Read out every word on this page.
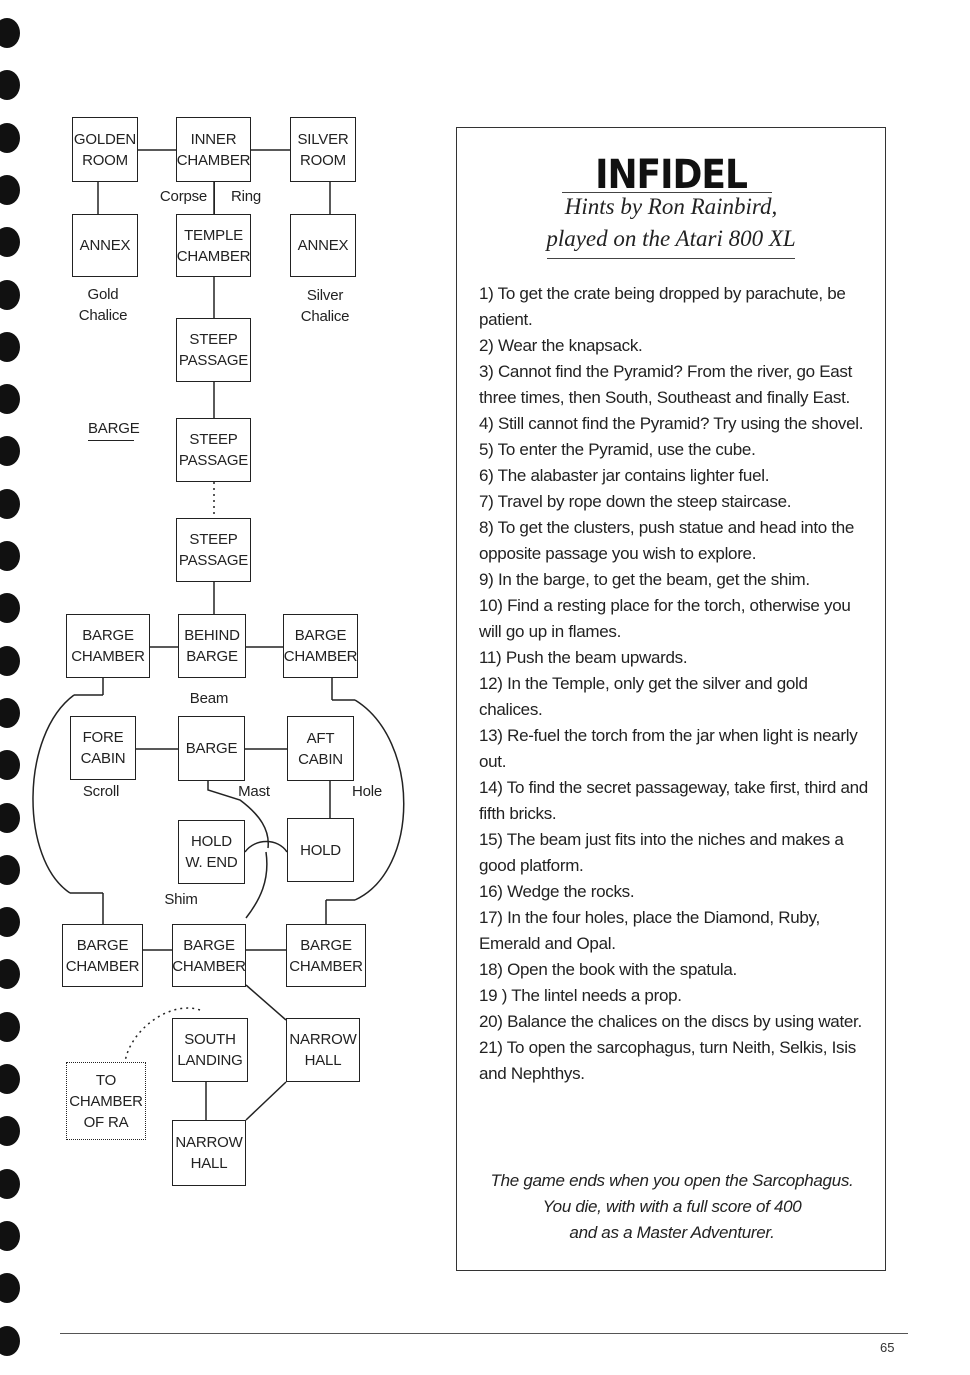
GOLDEN
ROOM
INNER
CHAMBER
SILVER
ROOM
Corpse	Ring
ANNEX
TEMPLE
CHAMBER
ANNEX
Gold
Chalice
Silver
Chalice
STEEP
PASSAGE
BARGE
STEEP
PASSAGE
STEEP
PASSAGE
BARGE
CHAMBER
BEHIND
BARGE
BARGE
CHAMBER
Beam
FORE
CABIN
BARGE
AFT
CABIN
Scroll	Mast	Hole
HOLD
W. END
HOLD
Shim
BARGE
CHAMBER
BARGE
CHAMBER
BARGE
CHAMBER
SOUTH
LANDING
NARROW
HALL
TO
CHAMBER
OF RA
NARROW
HALL
INFIDEL
Hints by Ron Rainbird,
played on the Atari 800 XL
1) To get the crate being dropped by parachute, be patient.
2) Wear the knapsack.
3) Cannot find the Pyramid? From the river, go East three times, then South, Southeast and finally East.
4) Still cannot find the Pyramid? Try using the shovel.
5) To enter the Pyramid, use the cube.
6) The alabaster jar contains lighter fuel.
7) Travel by rope down the steep staircase.
8) To get the clusters, push statue and head into the opposite passage you wish to explore.
9) In the barge, to get the beam, get the shim.
10) Find a resting place for the torch, otherwise you will go up in flames.
11) Push the beam upwards.
12) In the Temple, only get the silver and gold chalices.
13) Re-fuel the torch from the jar when light is nearly out.
14) To find the secret passageway, take first, third and fifth bricks.
15) The beam just fits into the niches and makes a good platform.
16) Wedge the rocks.
17) In the four holes, place the Diamond, Ruby, Emerald and Opal.
18) Open the book with the spatula.
19 ) The lintel needs a prop.
20) Balance the chalices on the discs by using water.
21) To open the sarcophagus, turn Neith, Selkis, Isis and Nephthys.
The game ends when you open the Sarcophagus.
You die, with with a full score of 400
and as a Master Adventurer.
65
